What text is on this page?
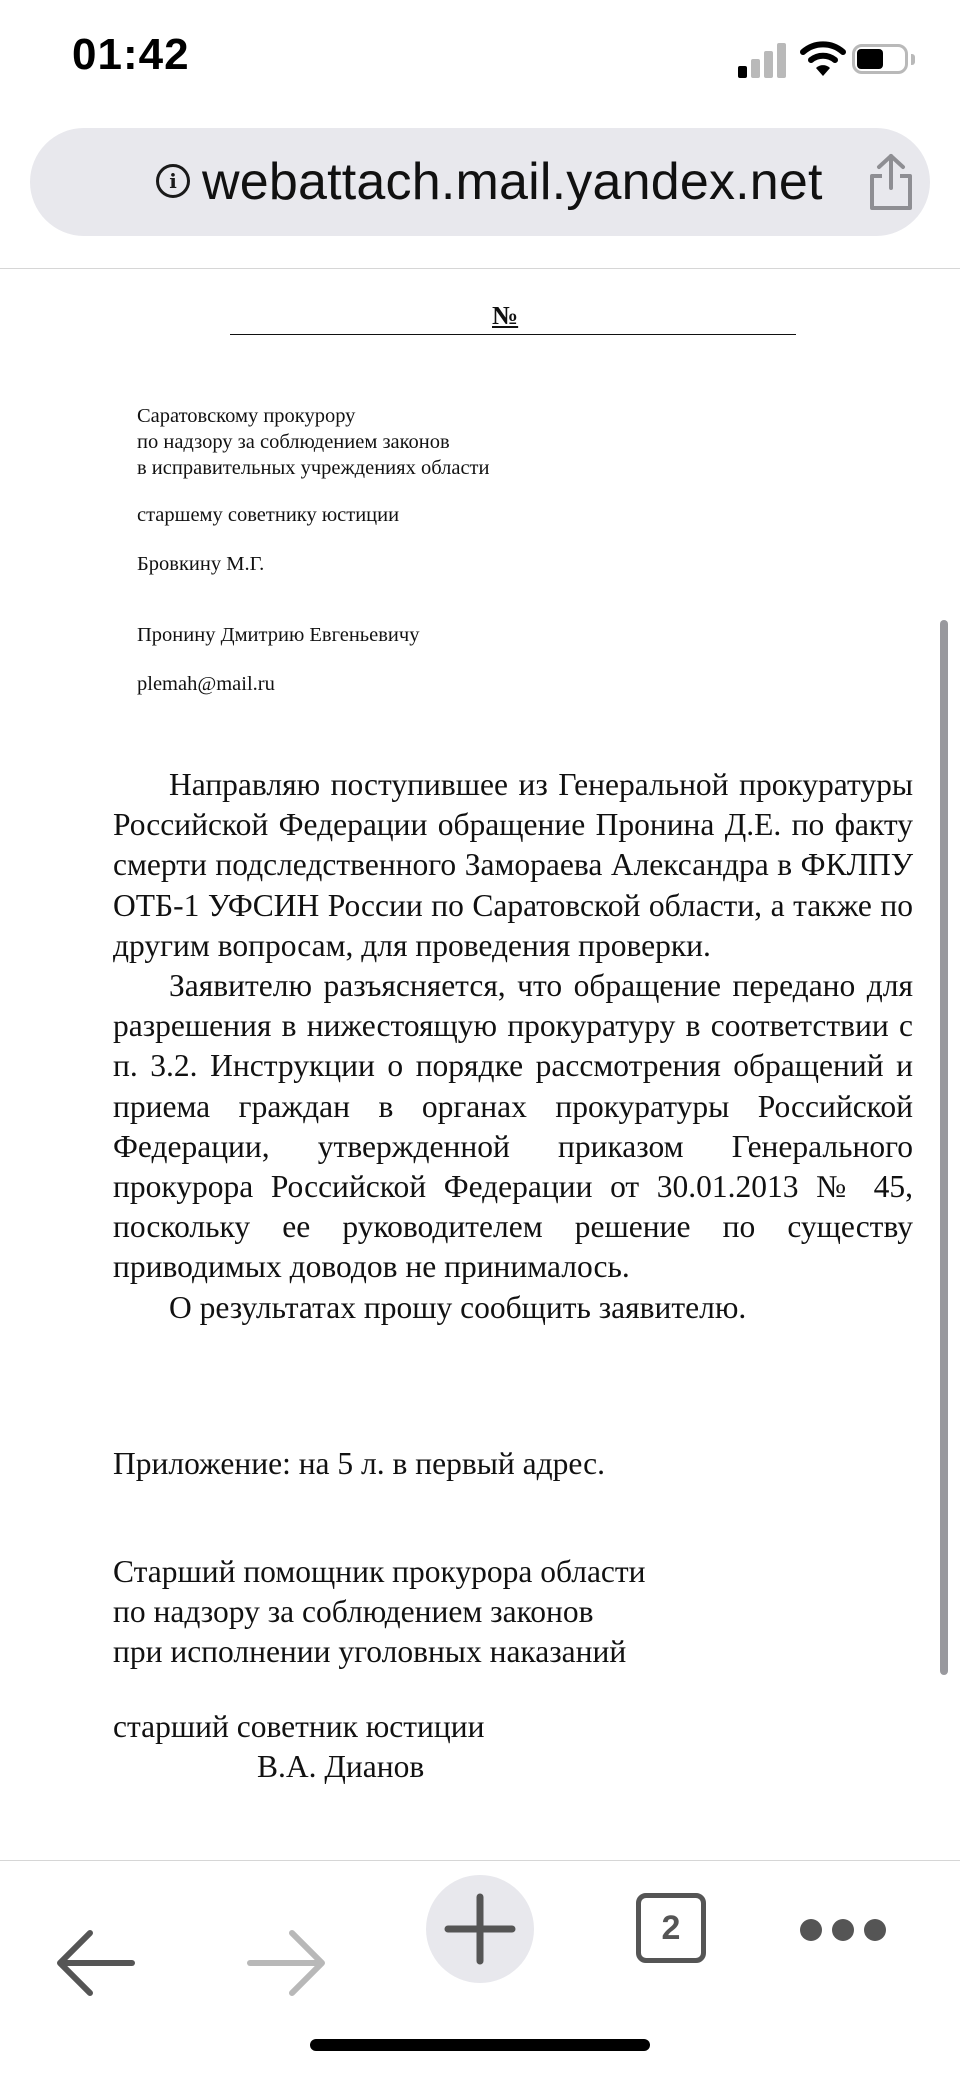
01:42
i webattach.mail.yandex.net
№
Саратовскому прокурору
по надзору за соблюдением законов
в исправительных учреждениях области
старшему советнику юстиции
Бровкину М.Г.
Пронину Дмитрию Евгеньевичу
plemah@mail.ru

Направляю поступившее из Генеральной прокуратуры Российской Федерации обращение Пронина Д.Е. по факту смерти подследственного Замораева Александра в ФКЛПУ ОТБ-1 УФСИН России по Саратовской области, а также по другим вопросам, для проведения проверки.

Заявителю разъясняется, что обращение передано для разрешения в нижестоящую прокуратуру в соответствии с п. 3.2. Инструкции о порядке рассмотрения обращений и приема граждан в органах прокуратуры Российской Федерации, утвержденной приказом Генерального прокурора Российской Федерации от 30.01.2013 № 45, поскольку ее руководителем решение по существу приводимых доводов не принималось.

О результатах прошу сообщить заявителю.

Приложение: на 5 л. в первый адрес.
Старший помощник прокурора области
по надзору за соблюдением законов
при исполнении уголовных наказаний
старший советник юстиции
В.А. Дианов
2
